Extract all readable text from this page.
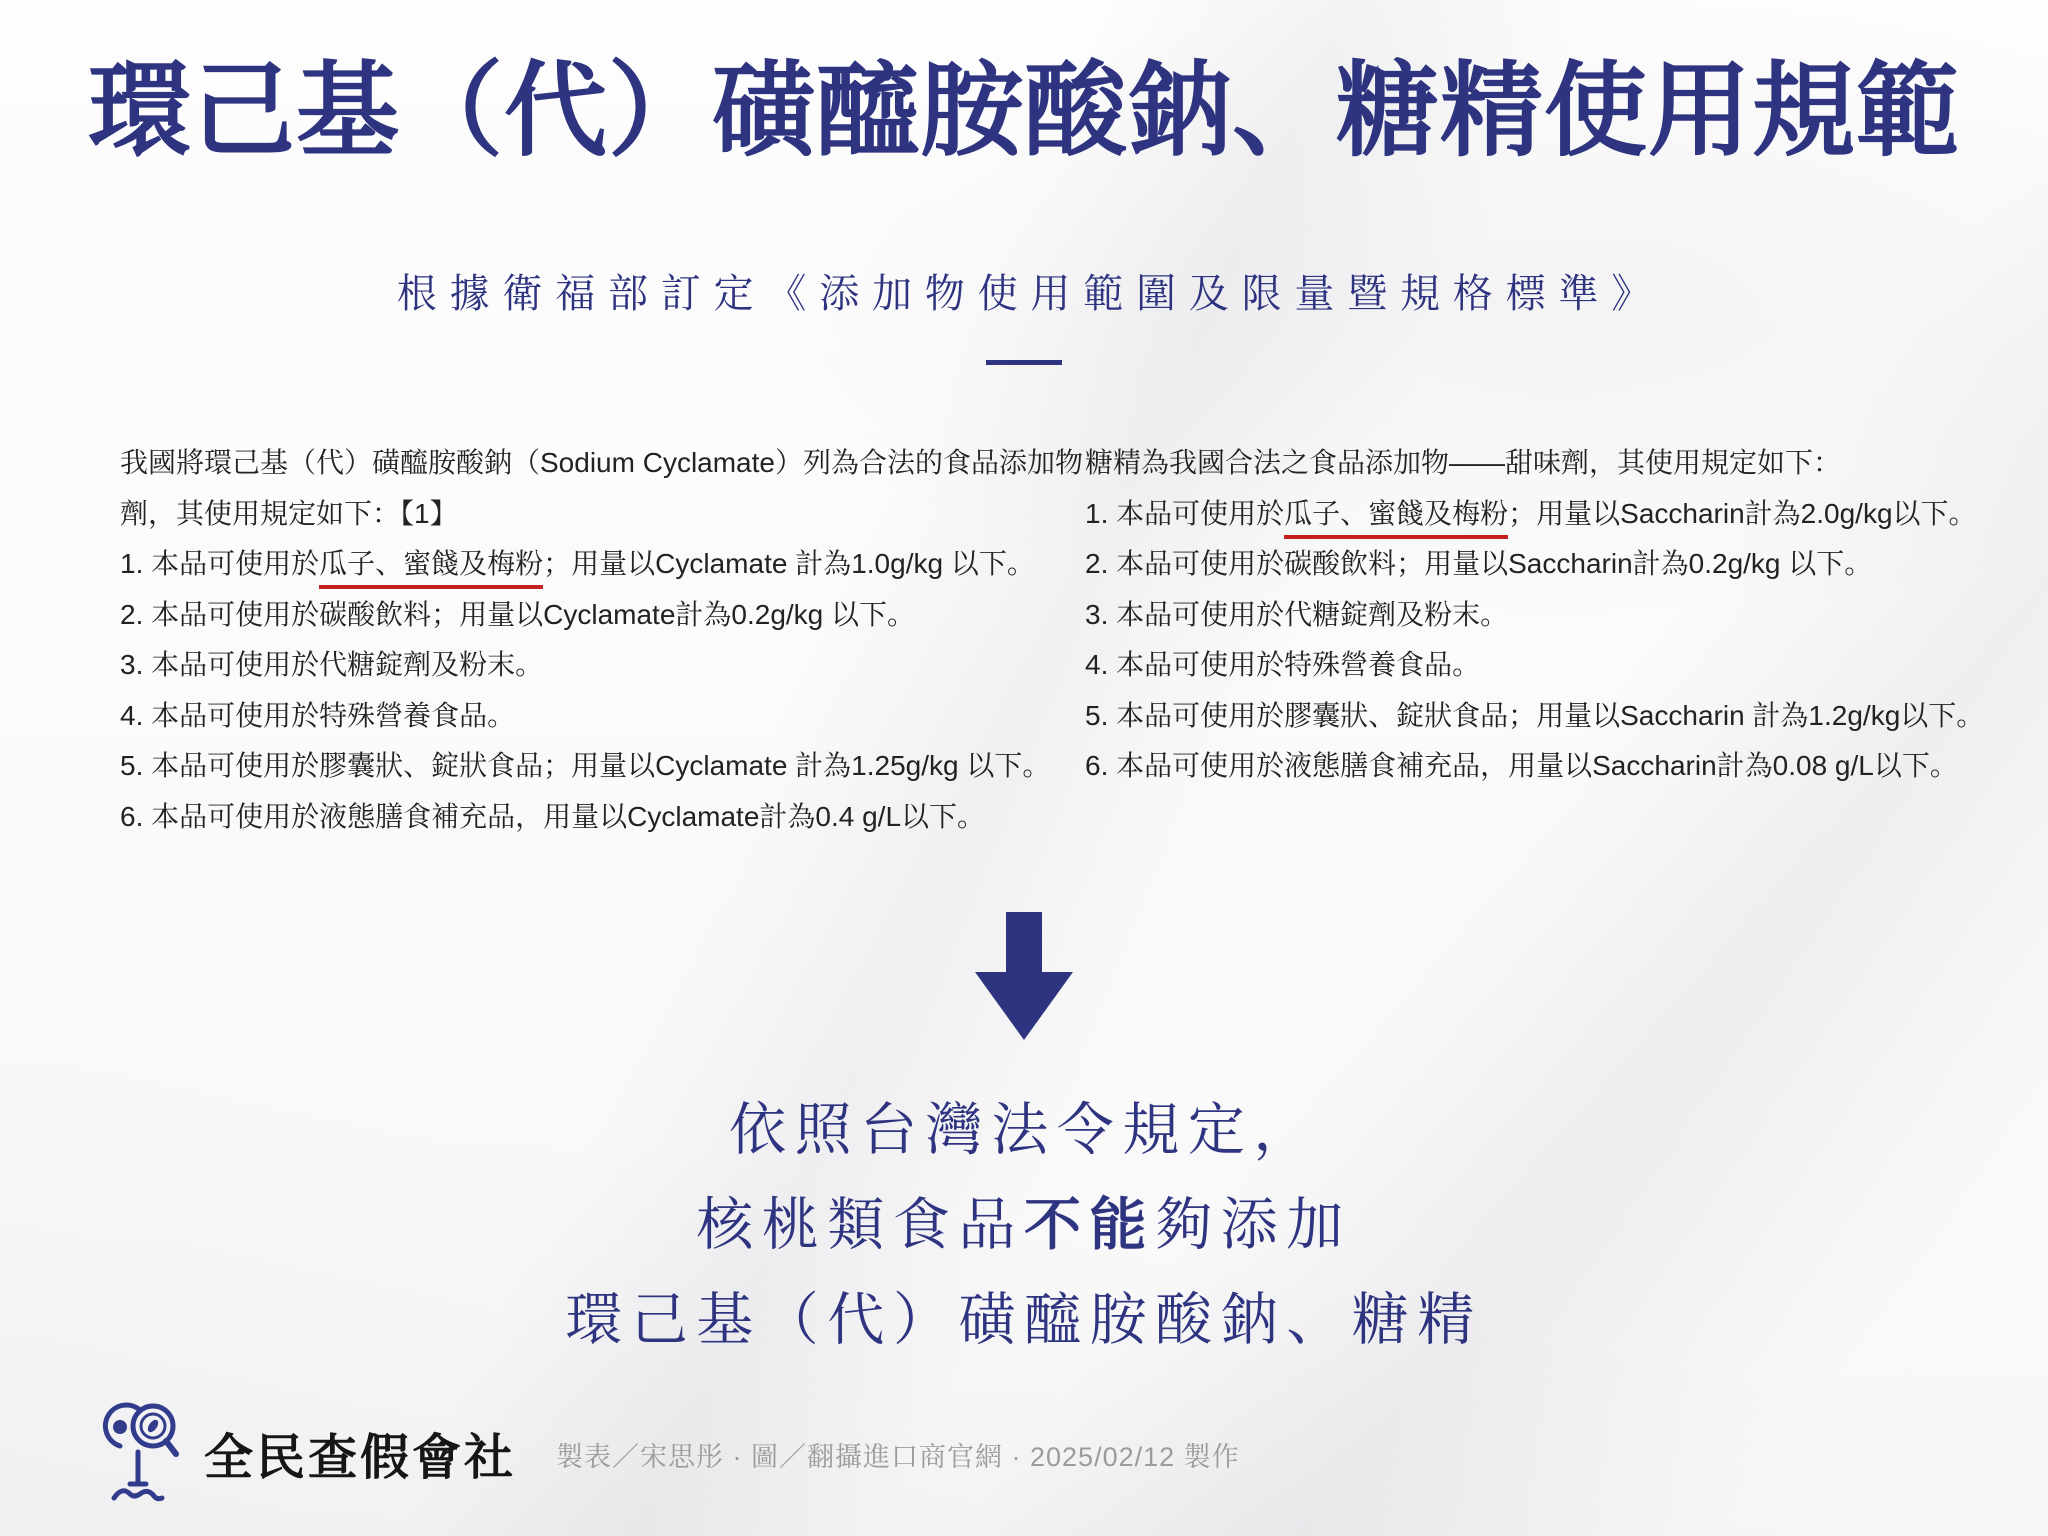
環己基（代）磺醯胺酸鈉、糖精使用規範

根據衛福部訂定《添加物使用範圍及限量暨規格標準》

我國將環己基（代）磺醯胺酸鈉（Sodium Cyclamate）列為合法的食品添加物
劑，其使用規定如下：【1】
1. 本品可使用於瓜子、蜜餞及梅粉；用量以Cyclamate 計為1.0g/kg 以下。
2. 本品可使用於碳酸飲料；用量以Cyclamate計為0.2g/kg 以下。
3. 本品可使用於代糖錠劑及粉末。
4. 本品可使用於特殊營養食品。
5. 本品可使用於膠囊狀、錠狀食品；用量以Cyclamate 計為1.25g/kg 以下。
6. 本品可使用於液態膳食補充品，用量以Cyclamate計為0.4 g/L以下。
糖精為我國合法之食品添加物——甜味劑，其使用規定如下：
1. 本品可使用於瓜子、蜜餞及梅粉；用量以Saccharin計為2.0g/kg以下。
2. 本品可使用於碳酸飲料；用量以Saccharin計為0.2g/kg 以下。
3. 本品可使用於代糖錠劑及粉末。
4. 本品可使用於特殊營養食品。
5. 本品可使用於膠囊狀、錠狀食品；用量以Saccharin 計為1.2g/kg以下。
6. 本品可使用於液態膳食補充品，用量以Saccharin計為0.08 g/L以下。
依照台灣法令規定，
核桃類食品不能夠添加
環己基（代）磺醯胺酸鈉、糖精
全民查假會社 製表／宋思彤 · 圖／翻攝進口商官網 · 2025/02/12 製作
